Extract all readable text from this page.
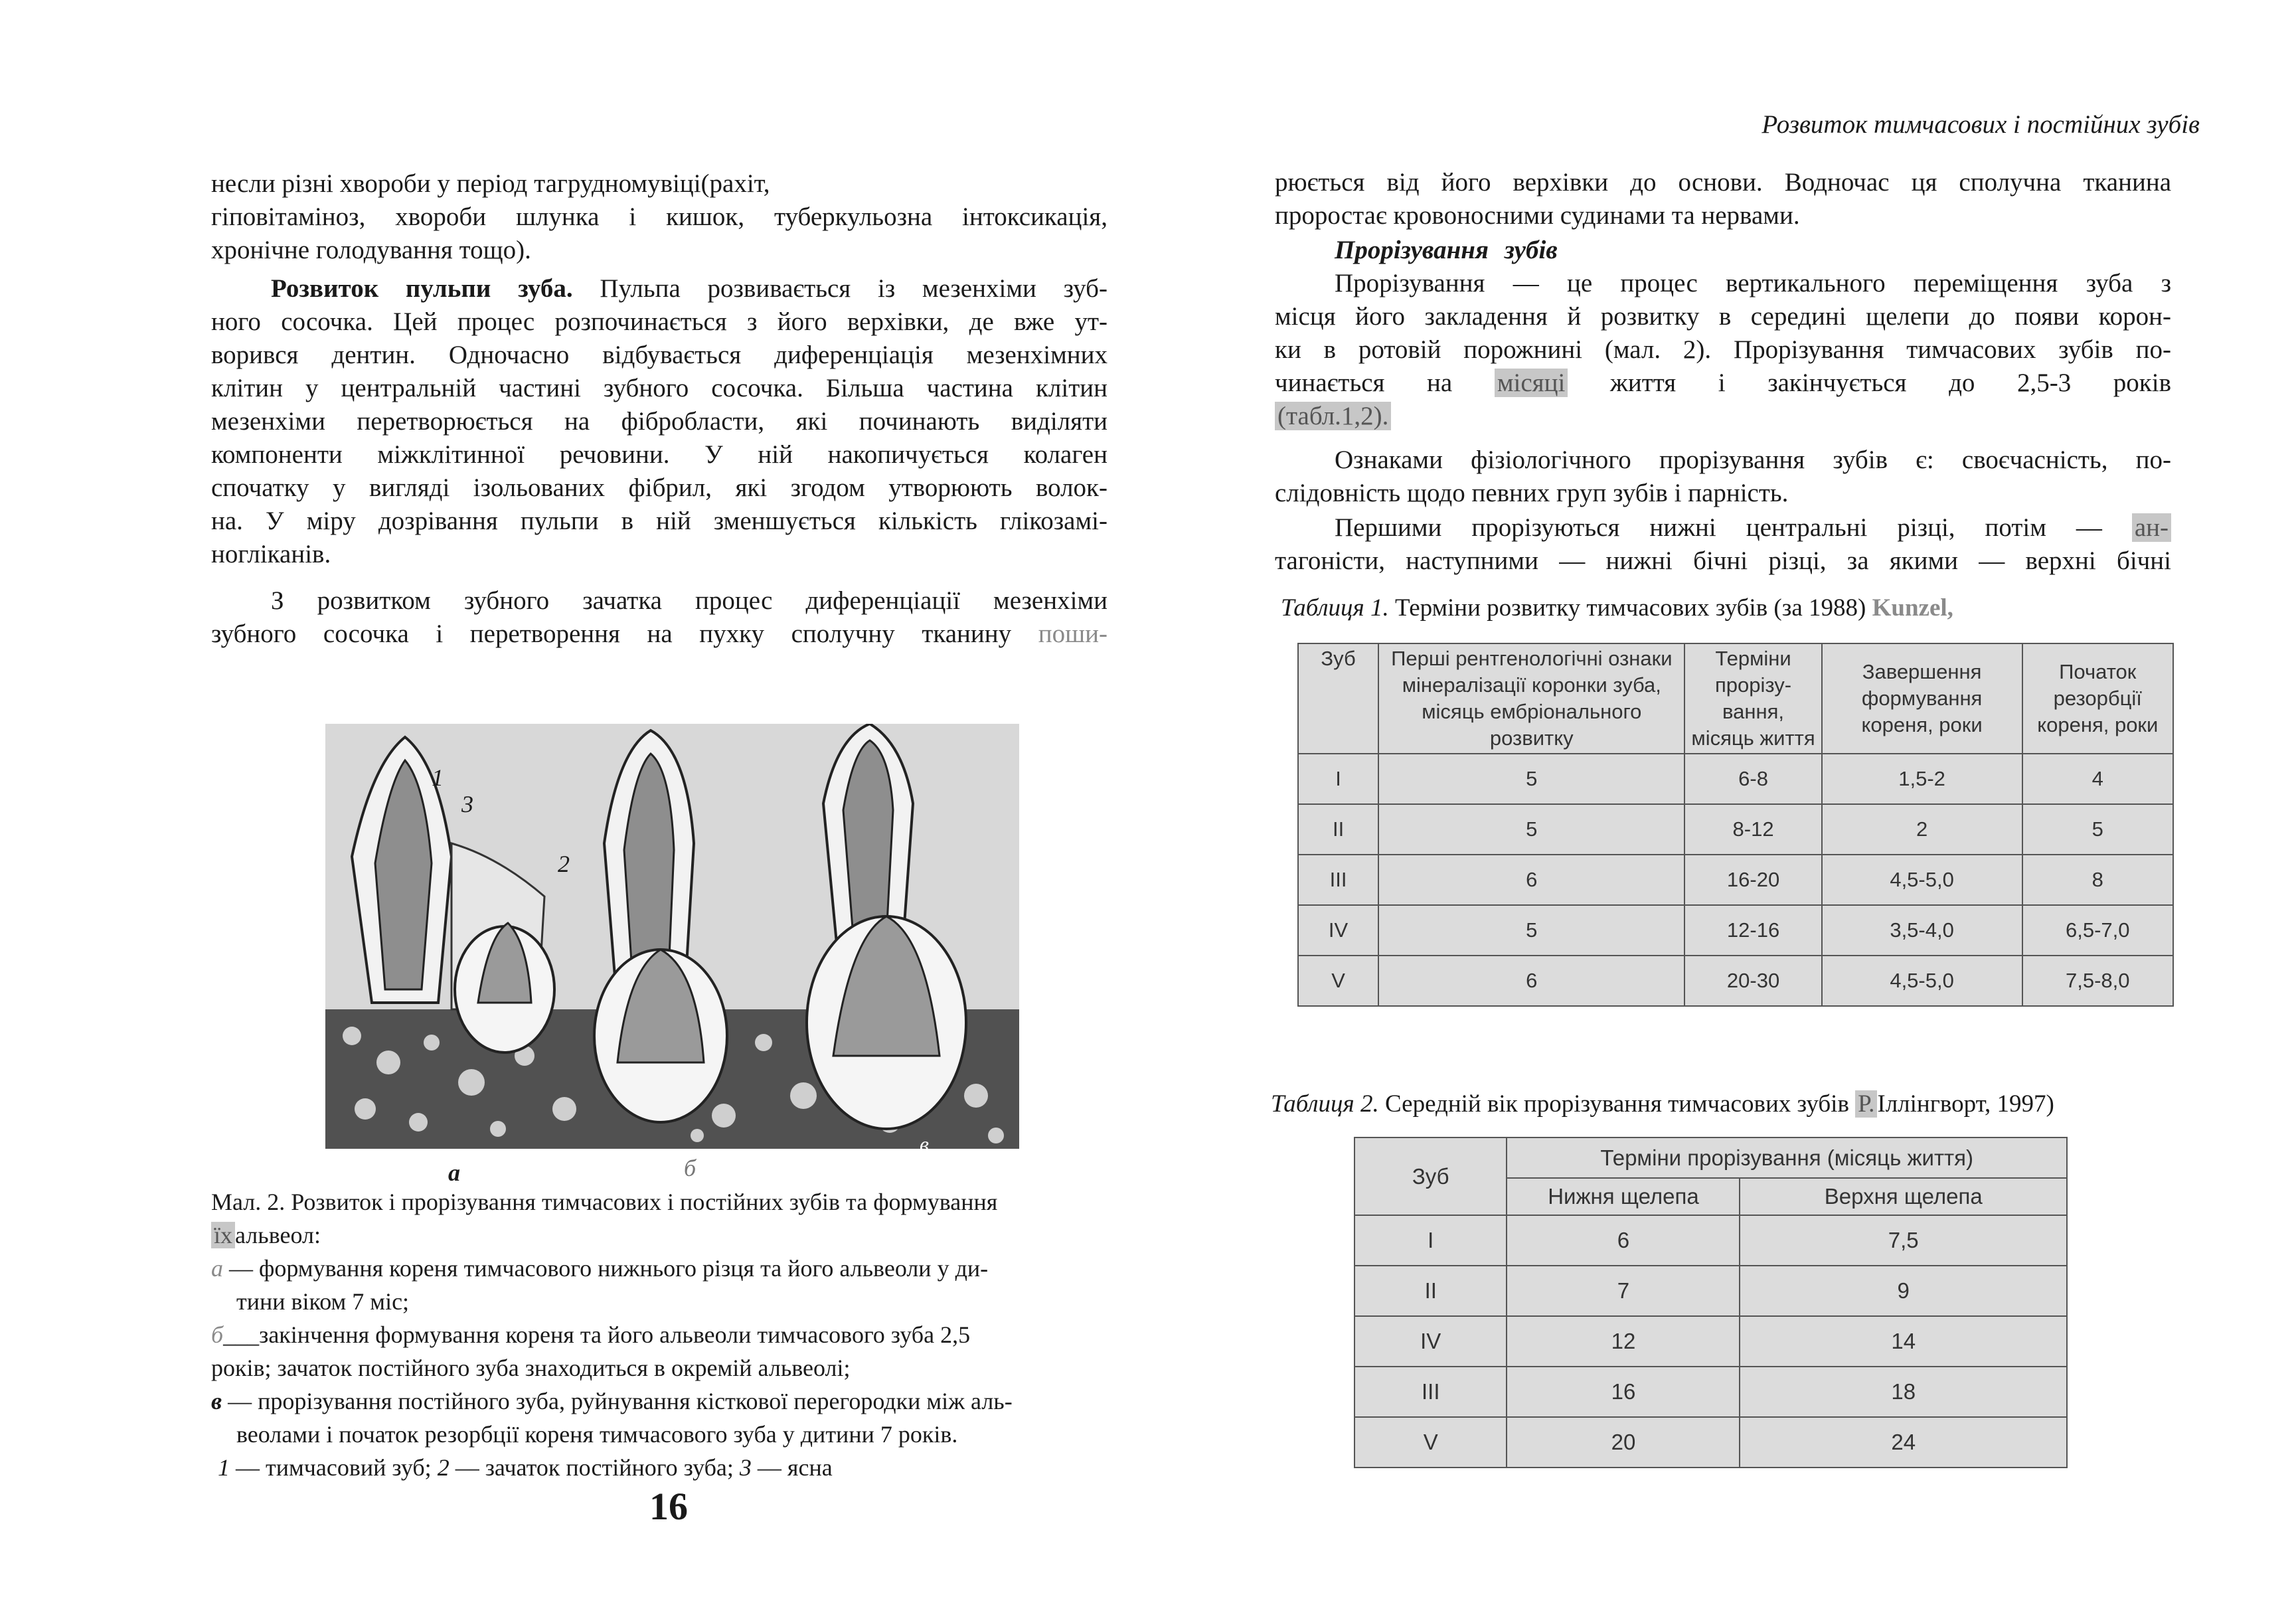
несли різні хвороби у період тагрудномувіці(рахіт,
гіповітаміноз, хвороби шлунка і кишок, туберкульозна інтоксикація,
хронічне голодування тощо).
Розвиток пульпи зуба. Пульпа розвивається із мезенхіми зуб-
ного сосочка. Цей процес розпочинається з його верхівки, де вже ут-
ворився дентин. Одночасно відбувається диференціація мезенхімних
клітин у центральній частині зубного сосочка. Більша частина клітин
мезенхіми перетворюється на фібробласти, які починають виділяти
компоненти міжклітинної речовини. У ній накопичується колаген
спочатку у вигляді ізольованих фібрил, які згодом утворюють волок-
на. У міру дозрівання пульпи в ній зменшується кількість глікозамі-
ногліканів.
З розвитком зубного зачатка процес диференціації мезенхіми
зубного сосочка і перетворення на пухку сполучну тканину поши-
1
3
2
а	б
в
Мал. 2. Розвиток і прорізування тимчасових і постійних зубів та формування
їх альвеол:
а — формування кореня тимчасового нижнього різця та його альвеоли у ди-
тини віком 7 міс;
б___закінчення формування кореня та його альвеоли тимчасового зуба 2,5
років; зачаток постійного зуба знаходиться в окремій альвеолі;
в — прорізування постійного зуба, руйнування кісткової перегородки між аль-
веолами і початок резорбції кореня тимчасового зуба у дитини 7 років.
1 — тимчасовий зуб; 2 — зачаток постійного зуба; 3 — ясна
16
Розвиток тимчасових і постійних зубів
рюється від його верхівки до основи. Водночас ця сполучна тканина
проростає кровоносними судинами та нервами.
Прорізування зубів
Прорізування — це процес вертикального переміщення зуба з
місця його закладення й розвитку в середині щелепи до появи корон-
ки в ротовій порожнині (мал. 2). Прорізування тимчасових зубів по-
чинається на місяці життя і закінчується до 2,5-3 років
(табл.1,2).
Ознаками фізіологічного прорізування зубів є: своєчасність, по-
слідовність щодо певних груп зубів і парність.
Першими прорізуються нижні центральні різці, потім — ан-
тагоністи, наступними — нижні бічні різці, за якими — верхні бічні
Таблиця 1. Терміни розвитку тимчасових зубів (за 1988) Kunzel,
Зуб	Перші рентгенологічні ознаки мінералізації коронки зуба, місяць ембріонального розвитку	Терміни прорізу- вання, місяць життя	Завершення формування кореня, роки	Початок резорбції кореня, роки
I	5	6-8	1,5-2	4
II	5	8-12	2	5
III	6	16-20	4,5-5,0	8
IV	5	12-16	3,5-4,0	6,5-7,0
V	6	20-30	4,5-5,0	7,5-8,0
Таблиця 2. Середній вік прорізування тимчасових зубів Р. Іллінгворт, 1997)
Зуб	Терміни прорізування (місяць життя)	
	Нижня щелепа	Верхня щелепа
I	6	7,5
II	7	9
IV	12	14
III	16	18
V	20	24
